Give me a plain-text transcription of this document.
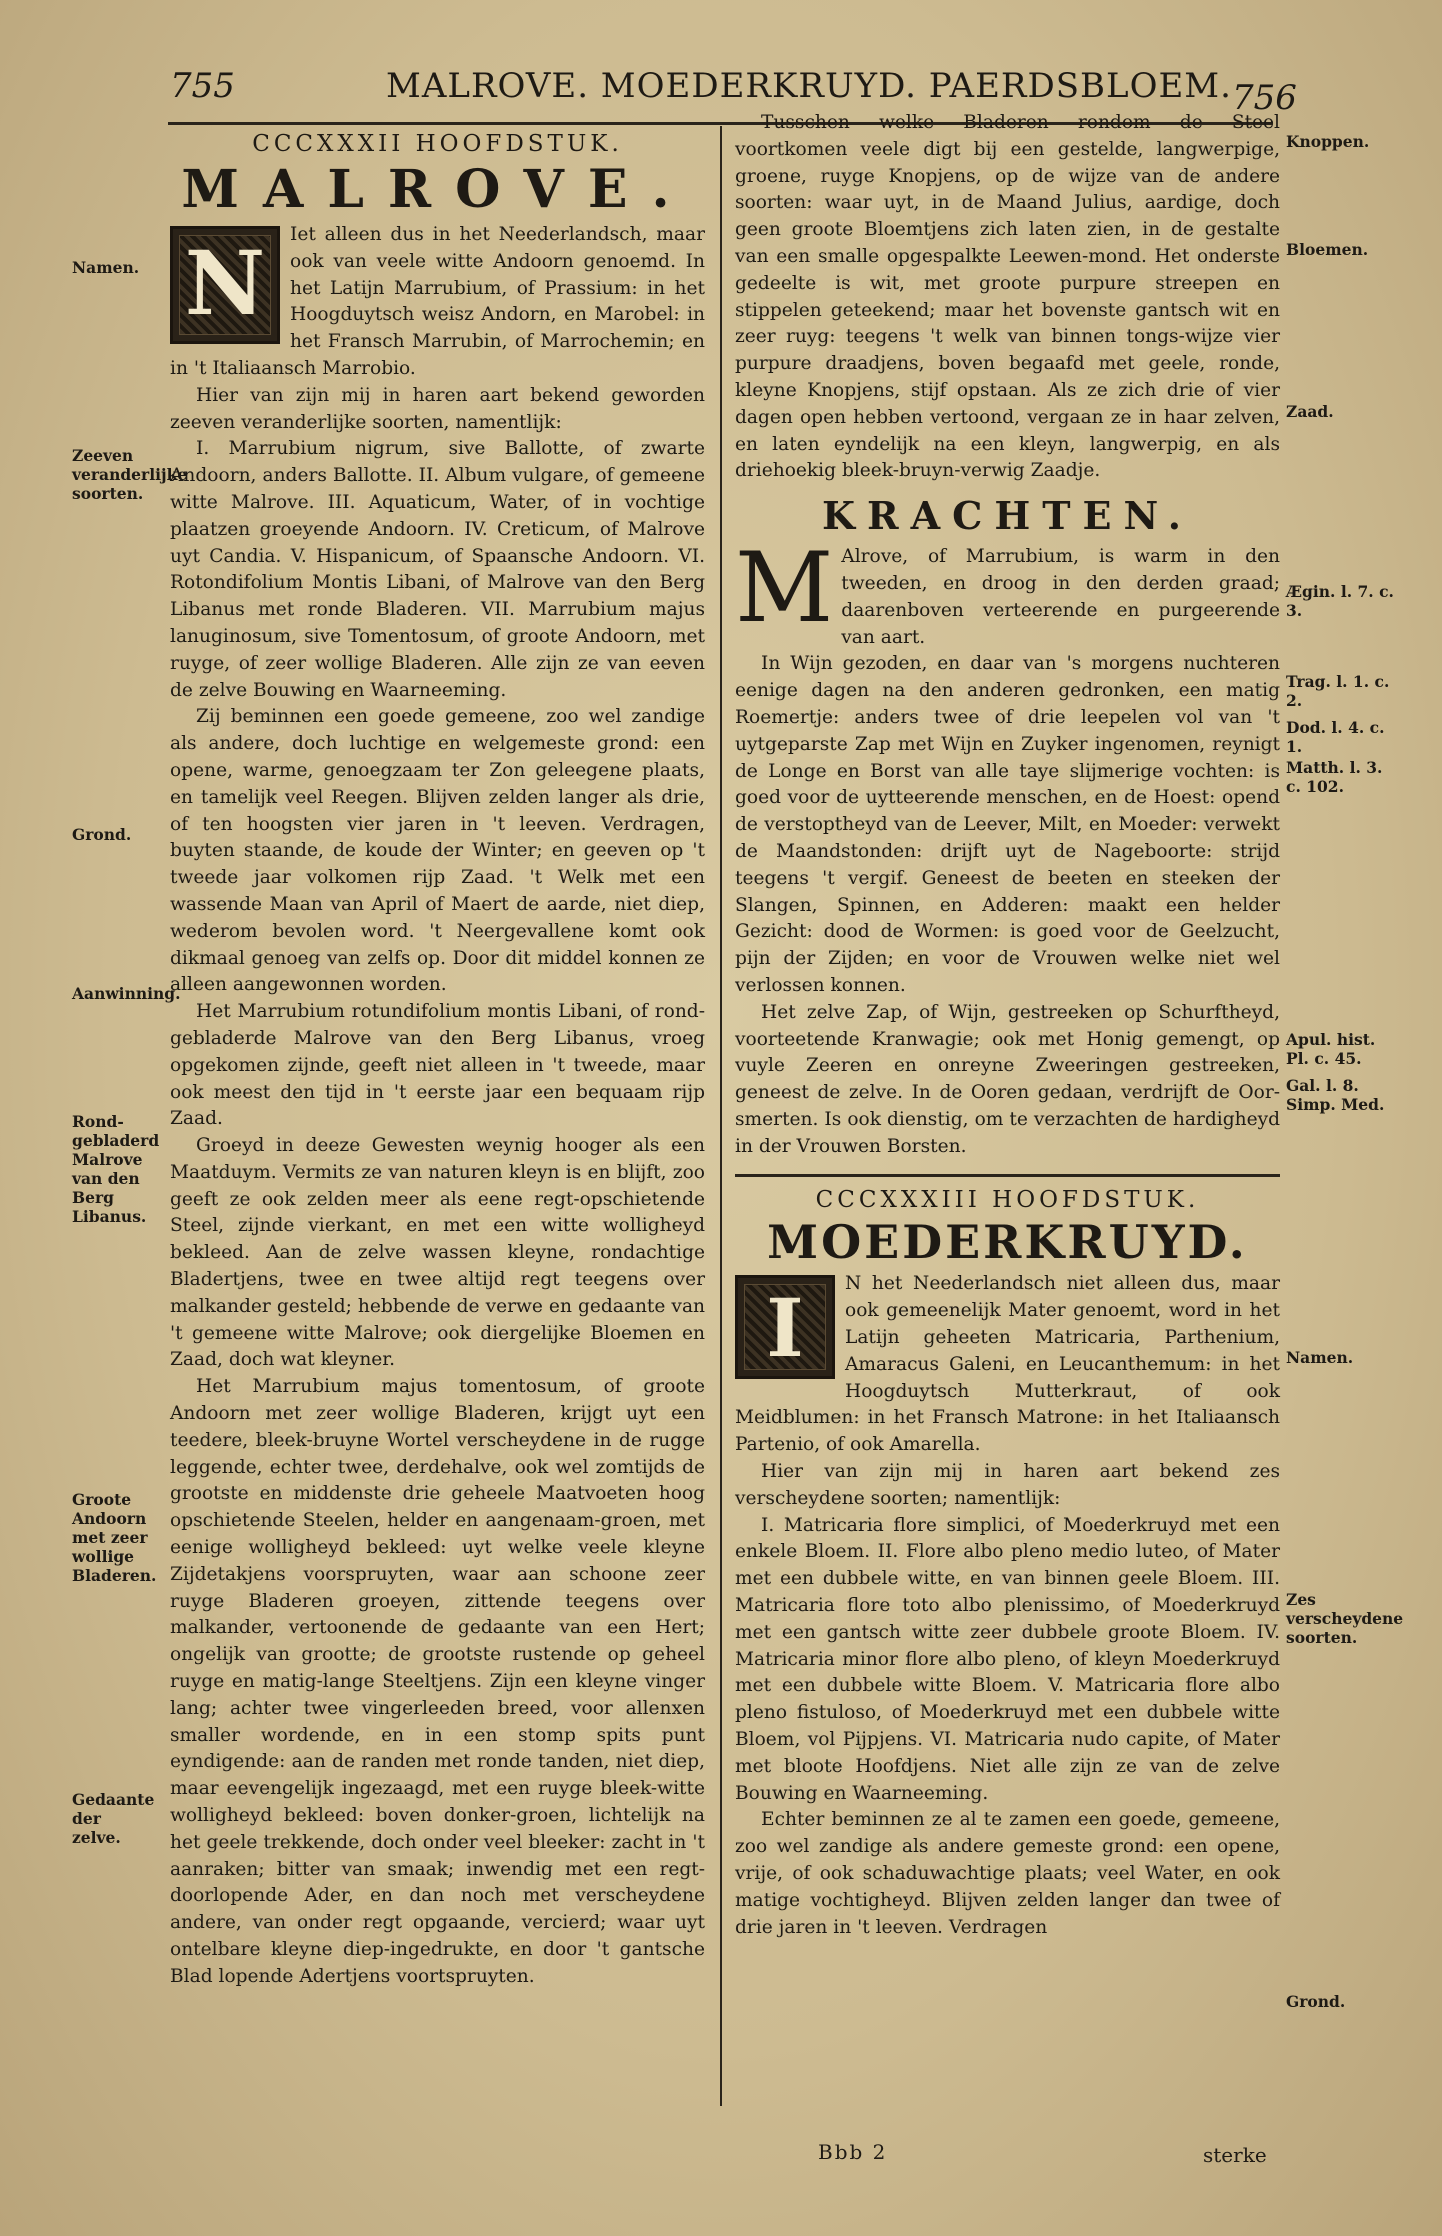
755	MALROVE. MOEDERKRUYD. PAERDSBLOEM. 756
Namen.
Zeeven veranderlijke soorten.
Grond.
Aanwinning.
Rond-gebladerd Malrove van den Berg Libanus.
Groote Andoorn met zeer wollige Bladeren.
Gedaante der zelve.
Knoppen.
Bloemen.
Zaad.
Ægin. l. 7. c. 3.
Trag. l. 1. c. 2.
Dod. l. 4. c. 1.
Matth. l. 3. c. 102.
Apul. hist. Pl. c. 45.
Gal. l. 8. Simp. Med.
Namen.
Zes verscheydene soorten.
Grond.
CCCXXXII HOOFDSTUK.
MALROVE.
N	Iet alleen dus in het Neederlandsch, maar ook van veele witte Andoorn genoemd. In het Latijn Marrubium, of Prassium: in het Hoogduytsch weisz Andorn, en Marobel: in het Fransch Marrubin, of Marrochemin; en in 't Italiaansch Marrobio.

Hier van zijn mij in haren aart bekend geworden zeeven veranderlijke soorten, namentlijk:

I. Marrubium nigrum, sive Ballotte, of zwarte Andoorn, anders Ballotte. II. Album vulgare, of gemeene witte Malrove. III. Aquaticum, Water, of in vochtige plaatzen groeyende Andoorn. IV. Creticum, of Malrove uyt Candia. V. Hispanicum, of Spaansche Andoorn. VI. Rotondifolium Montis Libani, of Malrove van den Berg Libanus met ronde Bladeren. VII. Marrubium majus lanuginosum, sive Tomentosum, of groote Andoorn, met ruyge, of zeer wollige Bladeren. Alle zijn ze van eeven de zelve Bouwing en Waarneeming.

Zij beminnen een goede gemeene, zoo wel zandige als andere, doch luchtige en welgemeste grond: een opene, warme, genoegzaam ter Zon geleegene plaats, en tamelijk veel Reegen. Blijven zelden langer als drie, of ten hoogsten vier jaren in 't leeven. Verdragen, buyten staande, de koude der Winter; en geeven op 't tweede jaar volkomen rijp Zaad. 't Welk met een wassende Maan van April of Maert de aarde, niet diep, wederom bevolen word. 't Neergevallene komt ook dikmaal genoeg van zelfs op. Door dit middel konnen ze alleen aangewonnen worden.

Het Marrubium rotundifolium montis Libani, of rond-gebladerde Malrove van den Berg Libanus, vroeg opgekomen zijnde, geeft niet alleen in 't tweede, maar ook meest den tijd in 't eerste jaar een bequaam rijp Zaad.

Groeyd in deeze Gewesten weynig hooger als een Maatduym. Vermits ze van naturen kleyn is en blijft, zoo geeft ze ook zelden meer als eene regt-opschietende Steel, zijnde vierkant, en met een witte wolligheyd bekleed. Aan de zelve wassen kleyne, rondachtige Bladertjens, twee en twee altijd regt teegens over malkander gesteld; hebbende de verwe en gedaante van 't gemeene witte Malrove; ook diergelijke Bloemen en Zaad, doch wat kleyner.

Het Marrubium majus tomentosum, of groote Andoorn met zeer wollige Bladeren, krijgt uyt een teedere, bleek-bruyne Wortel verscheydene in de rugge leggende, echter twee, derdehalve, ook wel zomtijds de grootste en middenste drie geheele Maatvoeten hoog opschietende Steelen, helder en aangenaam-groen, met eenige wolligheyd bekleed: uyt welke veele kleyne Zijdetakjens voorspruyten, waar aan schoone zeer ruyge Bladeren groeyen, zittende teegens over malkander, vertoonende de gedaante van een Hert; ongelijk van grootte; de grootste rustende op geheel ruyge en matig-lange Steeltjens. Zijn een kleyne vinger lang; achter twee vingerleeden breed, voor allenxen smaller wordende, en in een stomp spits punt eyndigende: aan de randen met ronde tanden, niet diep, maar eevengelijk ingezaagd, met een ruyge bleek-witte wolligheyd bekleed: boven donker-groen, lichtelijk na het geele trekkende, doch onder veel bleeker: zacht in 't aanraken; bitter van smaak; inwendig met een regt-doorlopende Ader, en dan noch met verscheydene andere, van onder regt opgaande, vercierd; waar uyt ontelbare kleyne diep-ingedrukte, en door 't gantsche Blad lopende Adertjens voortspruyten.

Tusschen welke Bladeren rondom de Steel voortkomen veele digt bij een gestelde, langwerpige, groene, ruyge Knopjens, op de wijze van de andere soorten: waar uyt, in de Maand Julius, aardige, doch geen groote Bloemtjens zich laten zien, in de gestalte van een smalle opgespalkte Leewen-mond. Het onderste gedeelte is wit, met groote purpure streepen en stippelen geteekend; maar het bovenste gantsch wit en zeer ruyg: teegens 't welk van binnen tongs-wijze vier purpure draadjens, boven begaafd met geele, ronde, kleyne Knopjens, stijf opstaan. Als ze zich drie of vier dagen open hebben vertoond, vergaan ze in haar zelven, en laten eyndelijk na een kleyn, langwerpig, en als driehoekig bleek-bruyn-verwig Zaadje.

KRACHTEN.
M Alrove, of Marrubium, is warm in den tweeden, en droog in den derden graad; daarenboven verteerende en purgeerende van aart.

In Wijn gezoden, en daar van 's morgens nuchteren eenige dagen na den anderen gedronken, een matig Roemertje: anders twee of drie leepelen vol van 't uytgeparste Zap met Wijn en Zuyker ingenomen, reynigt de Longe en Borst van alle taye slijmerige vochten: is goed voor de uytteerende menschen, en de Hoest: opend de verstoptheyd van de Leever, Milt, en Moeder: verwekt de Maandstonden: drijft uyt de Nageboorte: strijd teegens 't vergif. Geneest de beeten en steeken der Slangen, Spinnen, en Adderen: maakt een helder Gezicht: dood de Wormen: is goed voor de Geelzucht, pijn der Zijden; en voor de Vrouwen welke niet wel verlossen konnen.

Het zelve Zap, of Wijn, gestreeken op Schurftheyd, voorteetende Kranwagie; ook met Honig gemengt, op vuyle Zeeren en onreyne Zweeringen gestreeken, geneest de zelve. In de Ooren gedaan, verdrijft de Oor-smerten. Is ook dienstig, om te verzachten de hardigheyd in der Vrouwen Borsten.

CCCXXXIII HOOFDSTUK.
MOEDERKRUYD.
I	N het Neederlandsch niet alleen dus, maar ook gemeenelijk Mater genoemt, word in het Latijn geheeten Matricaria, Parthenium, Amaracus Galeni, en Leucanthemum: in het Hoogduytsch Mutterkraut, of ook Meidblumen: in het Fransch Matrone: in het Italiaansch Partenio, of ook Amarella.

Hier van zijn mij in haren aart bekend zes verscheydene soorten; namentlijk:

I. Matricaria flore simplici, of Moederkruyd met een enkele Bloem. II. Flore albo pleno medio luteo, of Mater met een dubbele witte, en van binnen geele Bloem. III. Matricaria flore toto albo plenissimo, of Moederkruyd met een gantsch witte zeer dubbele groote Bloem. IV. Matricaria minor flore albo pleno, of kleyn Moederkruyd met een dubbele witte Bloem. V. Matricaria flore albo pleno fistuloso, of Moederkruyd met een dubbele witte Bloem, vol Pijpjens. VI. Matricaria nudo capite, of Mater met bloote Hoofdjens. Niet alle zijn ze van de zelve Bouwing en Waarneeming.

Echter beminnen ze al te zamen een goede, gemeene, zoo wel zandige als andere gemeste grond: een opene, vrije, of ook schaduwachtige plaats; veel Water, en ook matige vochtigheyd. Blijven zelden langer dan twee of drie jaren in 't leeven. Verdragen

Bbb 2	sterke
